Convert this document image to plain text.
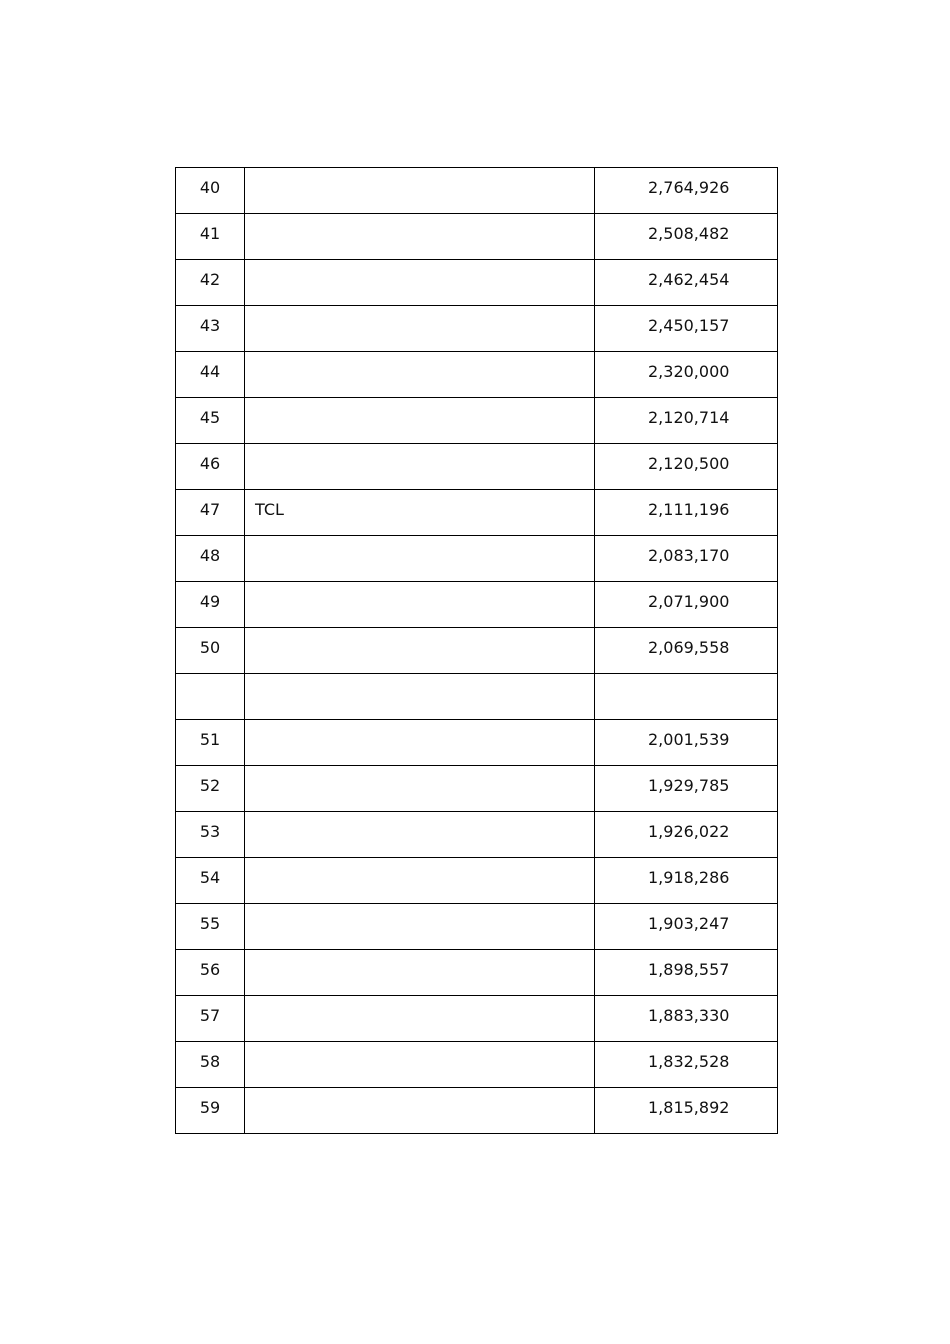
40		2,764,926

41		2,508,482

42		2,462,454

43		2,450,157

44		2,320,000

45		2,120,714

46		2,120,500

47	TCL	2,111,196

48		2,083,170

49		2,071,900

50		2,069,558

51		2,001,539

52		1,929,785

53		1,926,022

54		1,918,286

55		1,903,247

56		1,898,557

57		1,883,330

58		1,832,528

59		1,815,892
